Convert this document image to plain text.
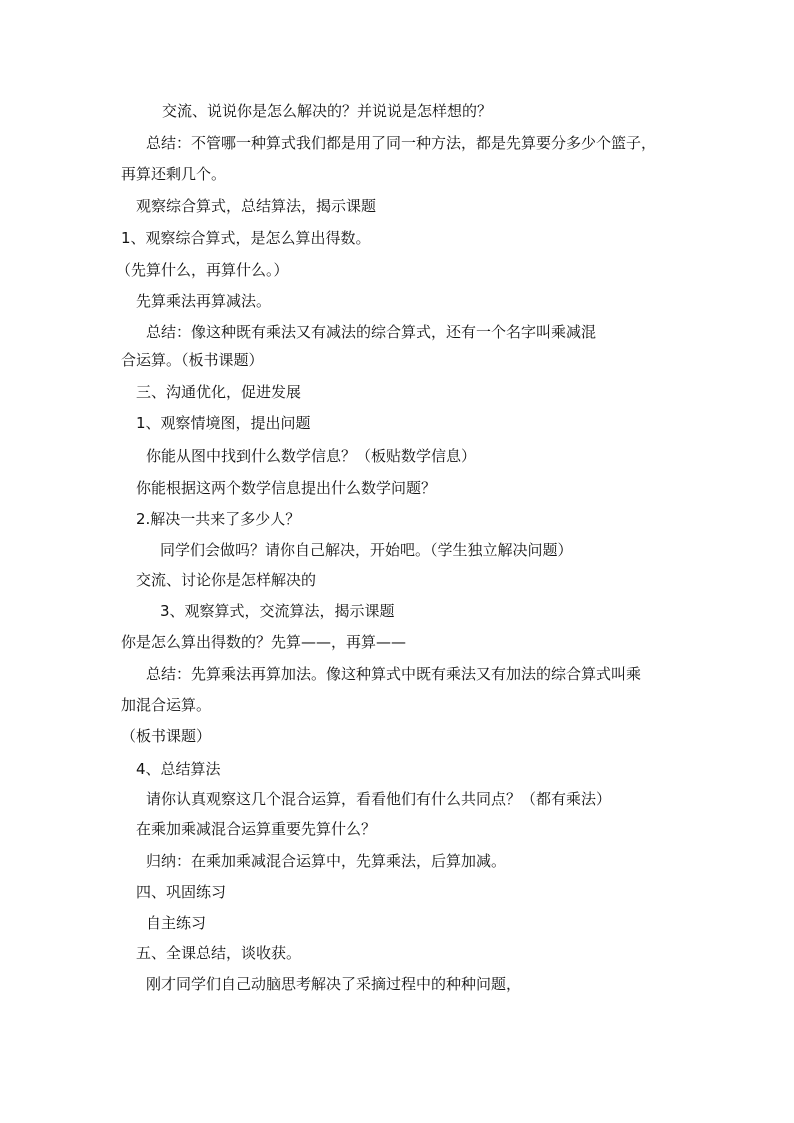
交流、说说你是怎么解决的？并说说是怎样想的？
总结：不管哪一种算式我们都是用了同一种方法，都是先算要分多少个篮子，
再算还剩几个。
观察综合算式，总结算法，揭示课题
1、观察综合算式，是怎么算出得数。
（先算什么，再算什么。）
先算乘法再算减法。
总结：像这种既有乘法又有减法的综合算式，还有一个名字叫乘减混
合运算。（板书课题）
三、沟通优化，促进发展
1、观察情境图，提出问题
你能从图中找到什么数学信息？（板贴数学信息）
你能根据这两个数学信息提出什么数学问题？
2.解决一共来了多少人？
同学们会做吗？请你自己解决，开始吧。（学生独立解决问题）
交流、讨论你是怎样解决的
3、观察算式，交流算法，揭示课题
你是怎么算出得数的？先算——，再算——
总结：先算乘法再算加法。像这种算式中既有乘法又有加法的综合算式叫乘
加混合运算。
（板书课题）
4、总结算法
请你认真观察这几个混合运算，看看他们有什么共同点？（都有乘法）
在乘加乘减混合运算重要先算什么？
归纳：在乘加乘减混合运算中，先算乘法，后算加减。
四、巩固练习
自主练习
五、全课总结，谈收获。
刚才同学们自己动脑思考解决了采摘过程中的种种问题，
